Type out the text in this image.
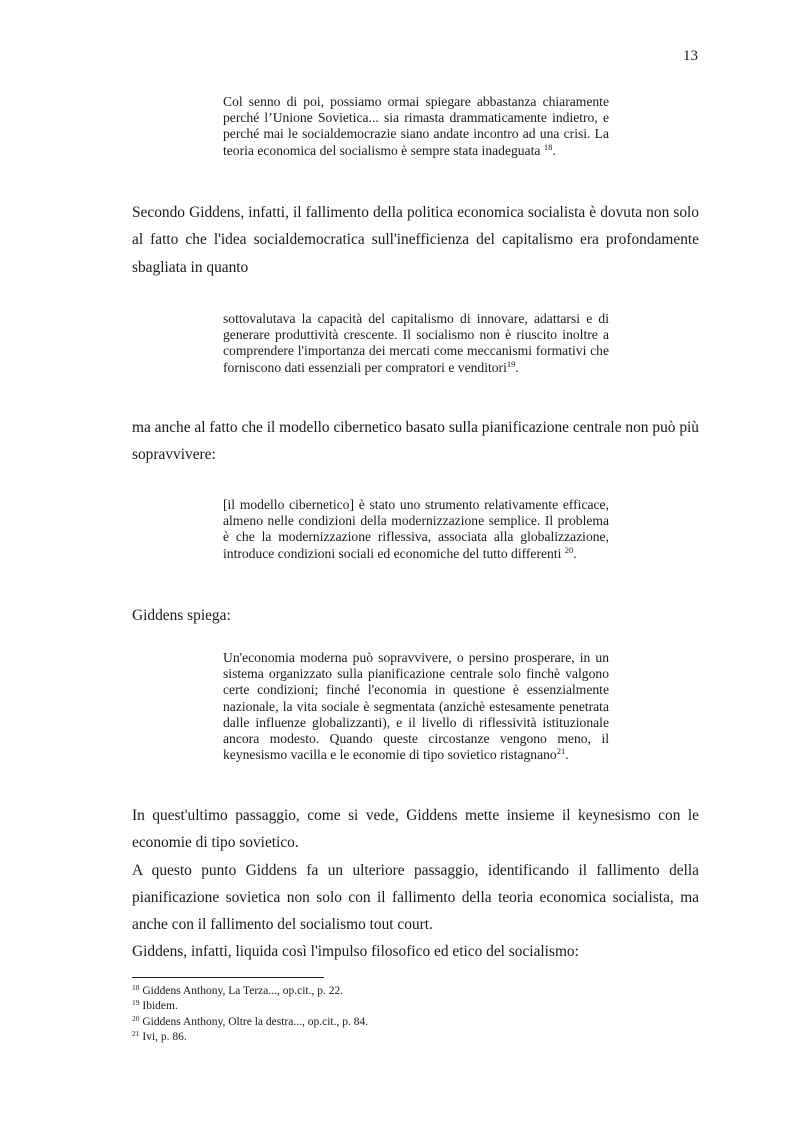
13

Col senno di poi, possiamo ormai spiegare abbastanza chiaramente perché l’Unione Sovietica... sia rimasta drammaticamente indietro, e perché mai le socialdemocrazie siano andate incontro ad una crisi. La teoria economica del socialismo è sempre stata inadeguata $^{18}$.

Secondo Giddens, infatti, il fallimento della politica economica socialista è dovuta non solo al fatto che l'idea socialdemocratica sull'inefficienza del capitalismo era profondamente sbagliata in quanto

sottovalutava la capacità del capitalismo di innovare, adattarsi e di generare produttività crescente. Il socialismo non è riuscito inoltre a comprendere l'importanza dei mercati come meccanismi formativi che forniscono dati essenziali per compratori e venditori$^{19}$.

ma anche al fatto che il modello cibernetico basato sulla pianificazione centrale non può più sopravvivere:

[il modello cibernetico] è stato uno strumento relativamente efficace, almeno nelle condizioni della modernizzazione semplice. Il problema è che la modernizzazione riflessiva, associata alla globalizzazione, introduce condizioni sociali ed economiche del tutto differenti $^{20}$.

Giddens spiega:

Un'economia moderna può sopravvivere, o persino prosperare, in un sistema organizzato sulla pianificazione centrale solo finchè valgono certe condizioni; finché l'economia in questione è essenzialmente nazionale, la vita sociale è segmentata (anzichè estesamente penetrata dalle influenze globalizzanti), e il livello di riflessività istituzionale ancora modesto. Quando queste circostanze vengono meno, il keynesismo vacilla e le economie di tipo sovietico ristagnano$^{21}$.

In quest'ultimo passaggio, come si vede, Giddens mette insieme il keynesismo con le economie di tipo sovietico.

A questo punto Giddens fa un ulteriore passaggio, identificando il fallimento della pianificazione sovietica non solo con il fallimento della teoria economica socialista, ma anche con il fallimento del socialismo tout court.

Giddens, infatti, liquida così l'impulso filosofico ed etico del socialismo:

$^{18}$ Giddens Anthony, La Terza..., op.cit., p. 22.
$^{19}$ Ibidem.
$^{20}$ Giddens Anthony, Oltre la destra..., op.cit., p. 84.
$^{21}$ Ivi, p. 86.
